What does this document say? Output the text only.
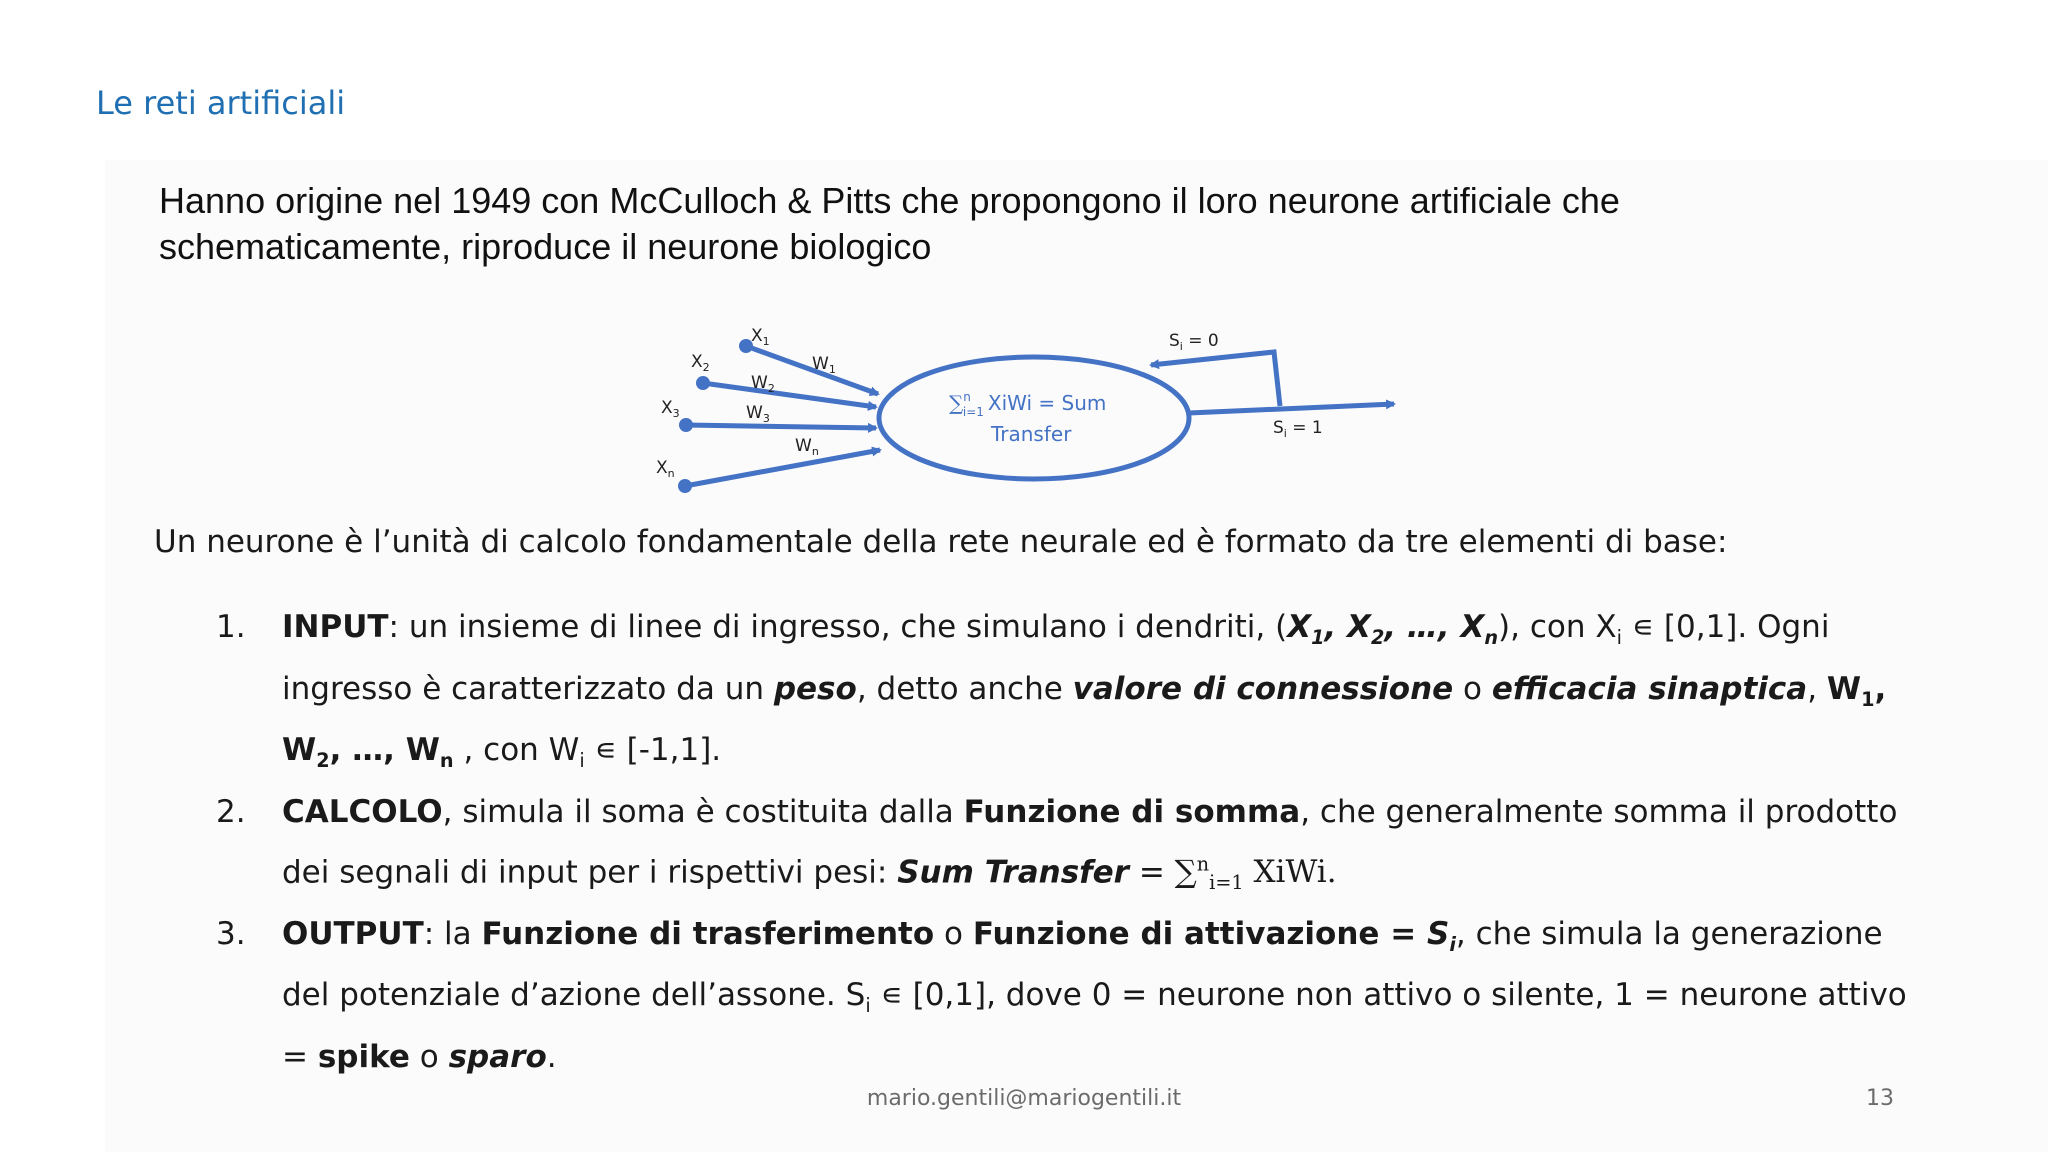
Le reti artificiali
Hanno origine nel 1949 con McCulloch & Pitts che propongono il loro neurone artificiale che schematicamente, riproduce il neurone biologico
$X_1$
$X_2$
$X_3$
$X_n$
$W_1$
$W_2$
$W_3$
$W_n$
$S_i = 0$
$S_i = 1$
∑$^n$ i=1 XiWi = Sum
Transfer
Un neurone è l’unità di calcolo fondamentale della rete neurale ed è formato da tre elementi di base:
1. INPUT: un insieme di linee di ingresso, che simulano i dendriti, ($X_1$, $X_2$, …, $X_n$), con $X_i$ ∊ [0,1]. Ogni ingresso è caratterizzato da un peso, detto anche valore di connessione o efficacia sinaptica, $W_1$, $W_2$, …, $W_n$ , con $W_i$ ∊ [-1,1].
2. CALCOLO, simula il soma è costituita dalla Funzione di somma, che generalmente somma il prodotto dei segnali di input per i rispettivi pesi: Sum Transfer = ∑$^n_{i=1}$ XiWi.
3. OUTPUT: la Funzione di trasferimento o Funzione di attivazione = $S_i$, che simula la generazione del potenziale d’azione dell’assone. $S_i$ ∊ [0,1], dove 0 = neurone non attivo o silente, 1 = neurone attivo = spike o sparo.
mario.gentili@mariogentili.it	13
